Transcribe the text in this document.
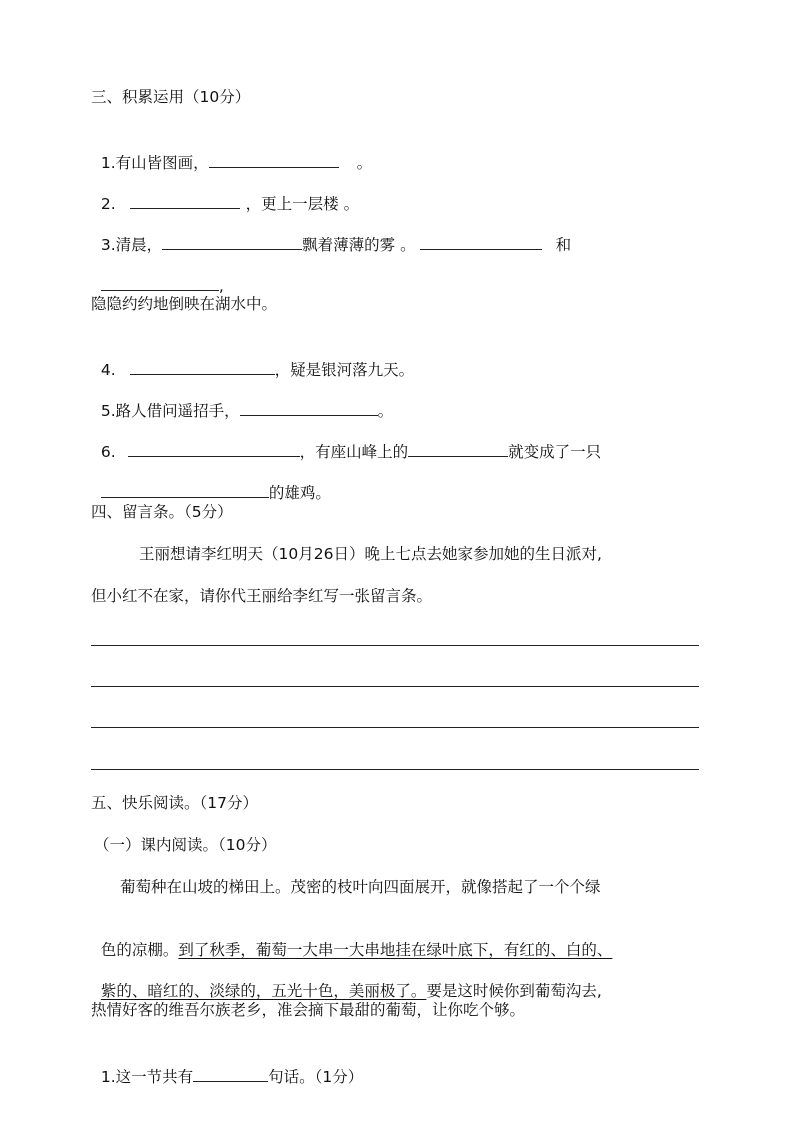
三、积累运用（10分）

1.有山皆图画，	。

2.	，更上一层楼 。

3.清晨，	飘着薄薄的雾 。	和

,

隐隐约约地倒映在湖水中。

4.	，疑是银河落九天。

5.路人借问遥招手，	。

6.	，有座山峰上的	就变成了一只

的雄鸡。

四、留言条。（5分）
王丽想请李红明天（10月26日）晚上七点去她家参加她的生日派对,
但小红不在家，请你代王丽给李红写一张留言条。
五、快乐阅读。（17分）
（一）课内阅读。（10分）
葡萄种在山坡的梯田上。茂密的枝叶向四面展开，就像搭起了一个个绿

色的凉棚。到了秋季，葡萄一大串一大串地挂在绿叶底下，有红的、白的、

紫的、暗红的、淡绿的，五光十色，美丽极了。要是这时候你到葡萄沟去,

热情好客的维吾尔族老乡，准会摘下最甜的葡萄，让你吃个够。

1.这一节共有	句话。（1分）
